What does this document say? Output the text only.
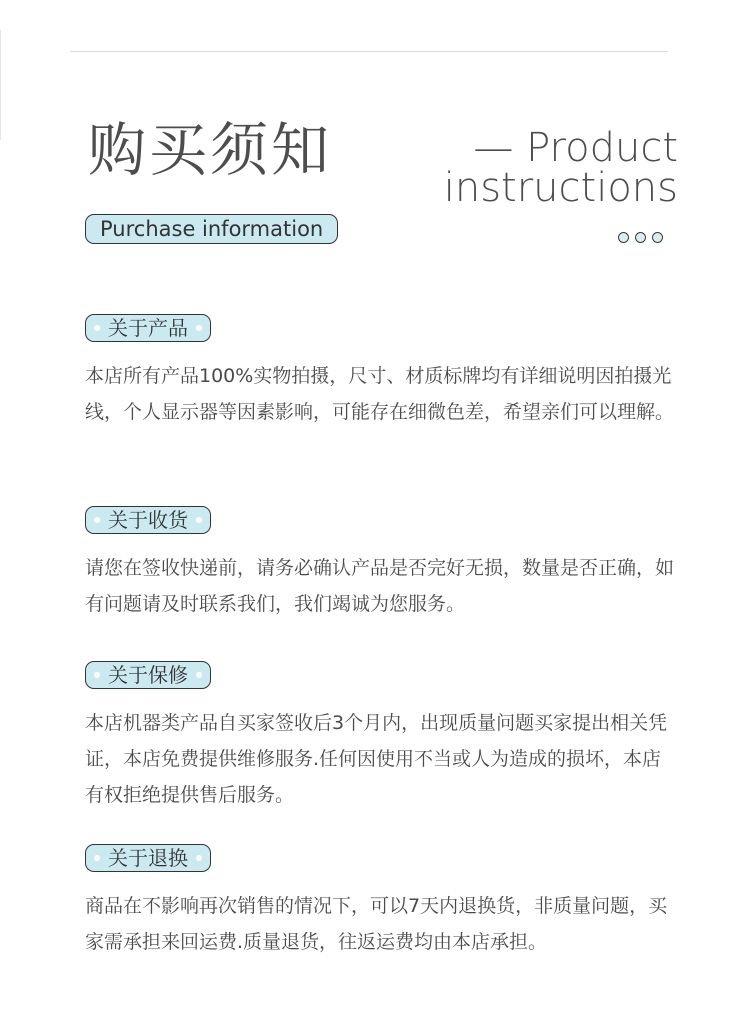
购买须知	— Product
instructions
Purchase information
关于产品
本店所有产品100%实物拍摄，尺寸、材质标牌均有详细说明因拍摄光线，个人显示器等因素影响，可能存在细微色差，希望亲们可以理解。
关于收货
请您在签收快递前，请务必确认产品是否完好无损，数量是否正确，如有问题请及时联系我们，我们竭诚为您服务。
关于保修
本店机器类产品自买家签收后3个月内，出现质量问题买家提出相关凭证，本店免费提供维修服务.任何因使用不当或人为造成的损坏，本店有权拒绝提供售后服务。
关于退换
商品在不影响再次销售的情况下，可以7天内退换货，非质量问题，买家需承担来回运费.质量退货，往返运费均由本店承担。
